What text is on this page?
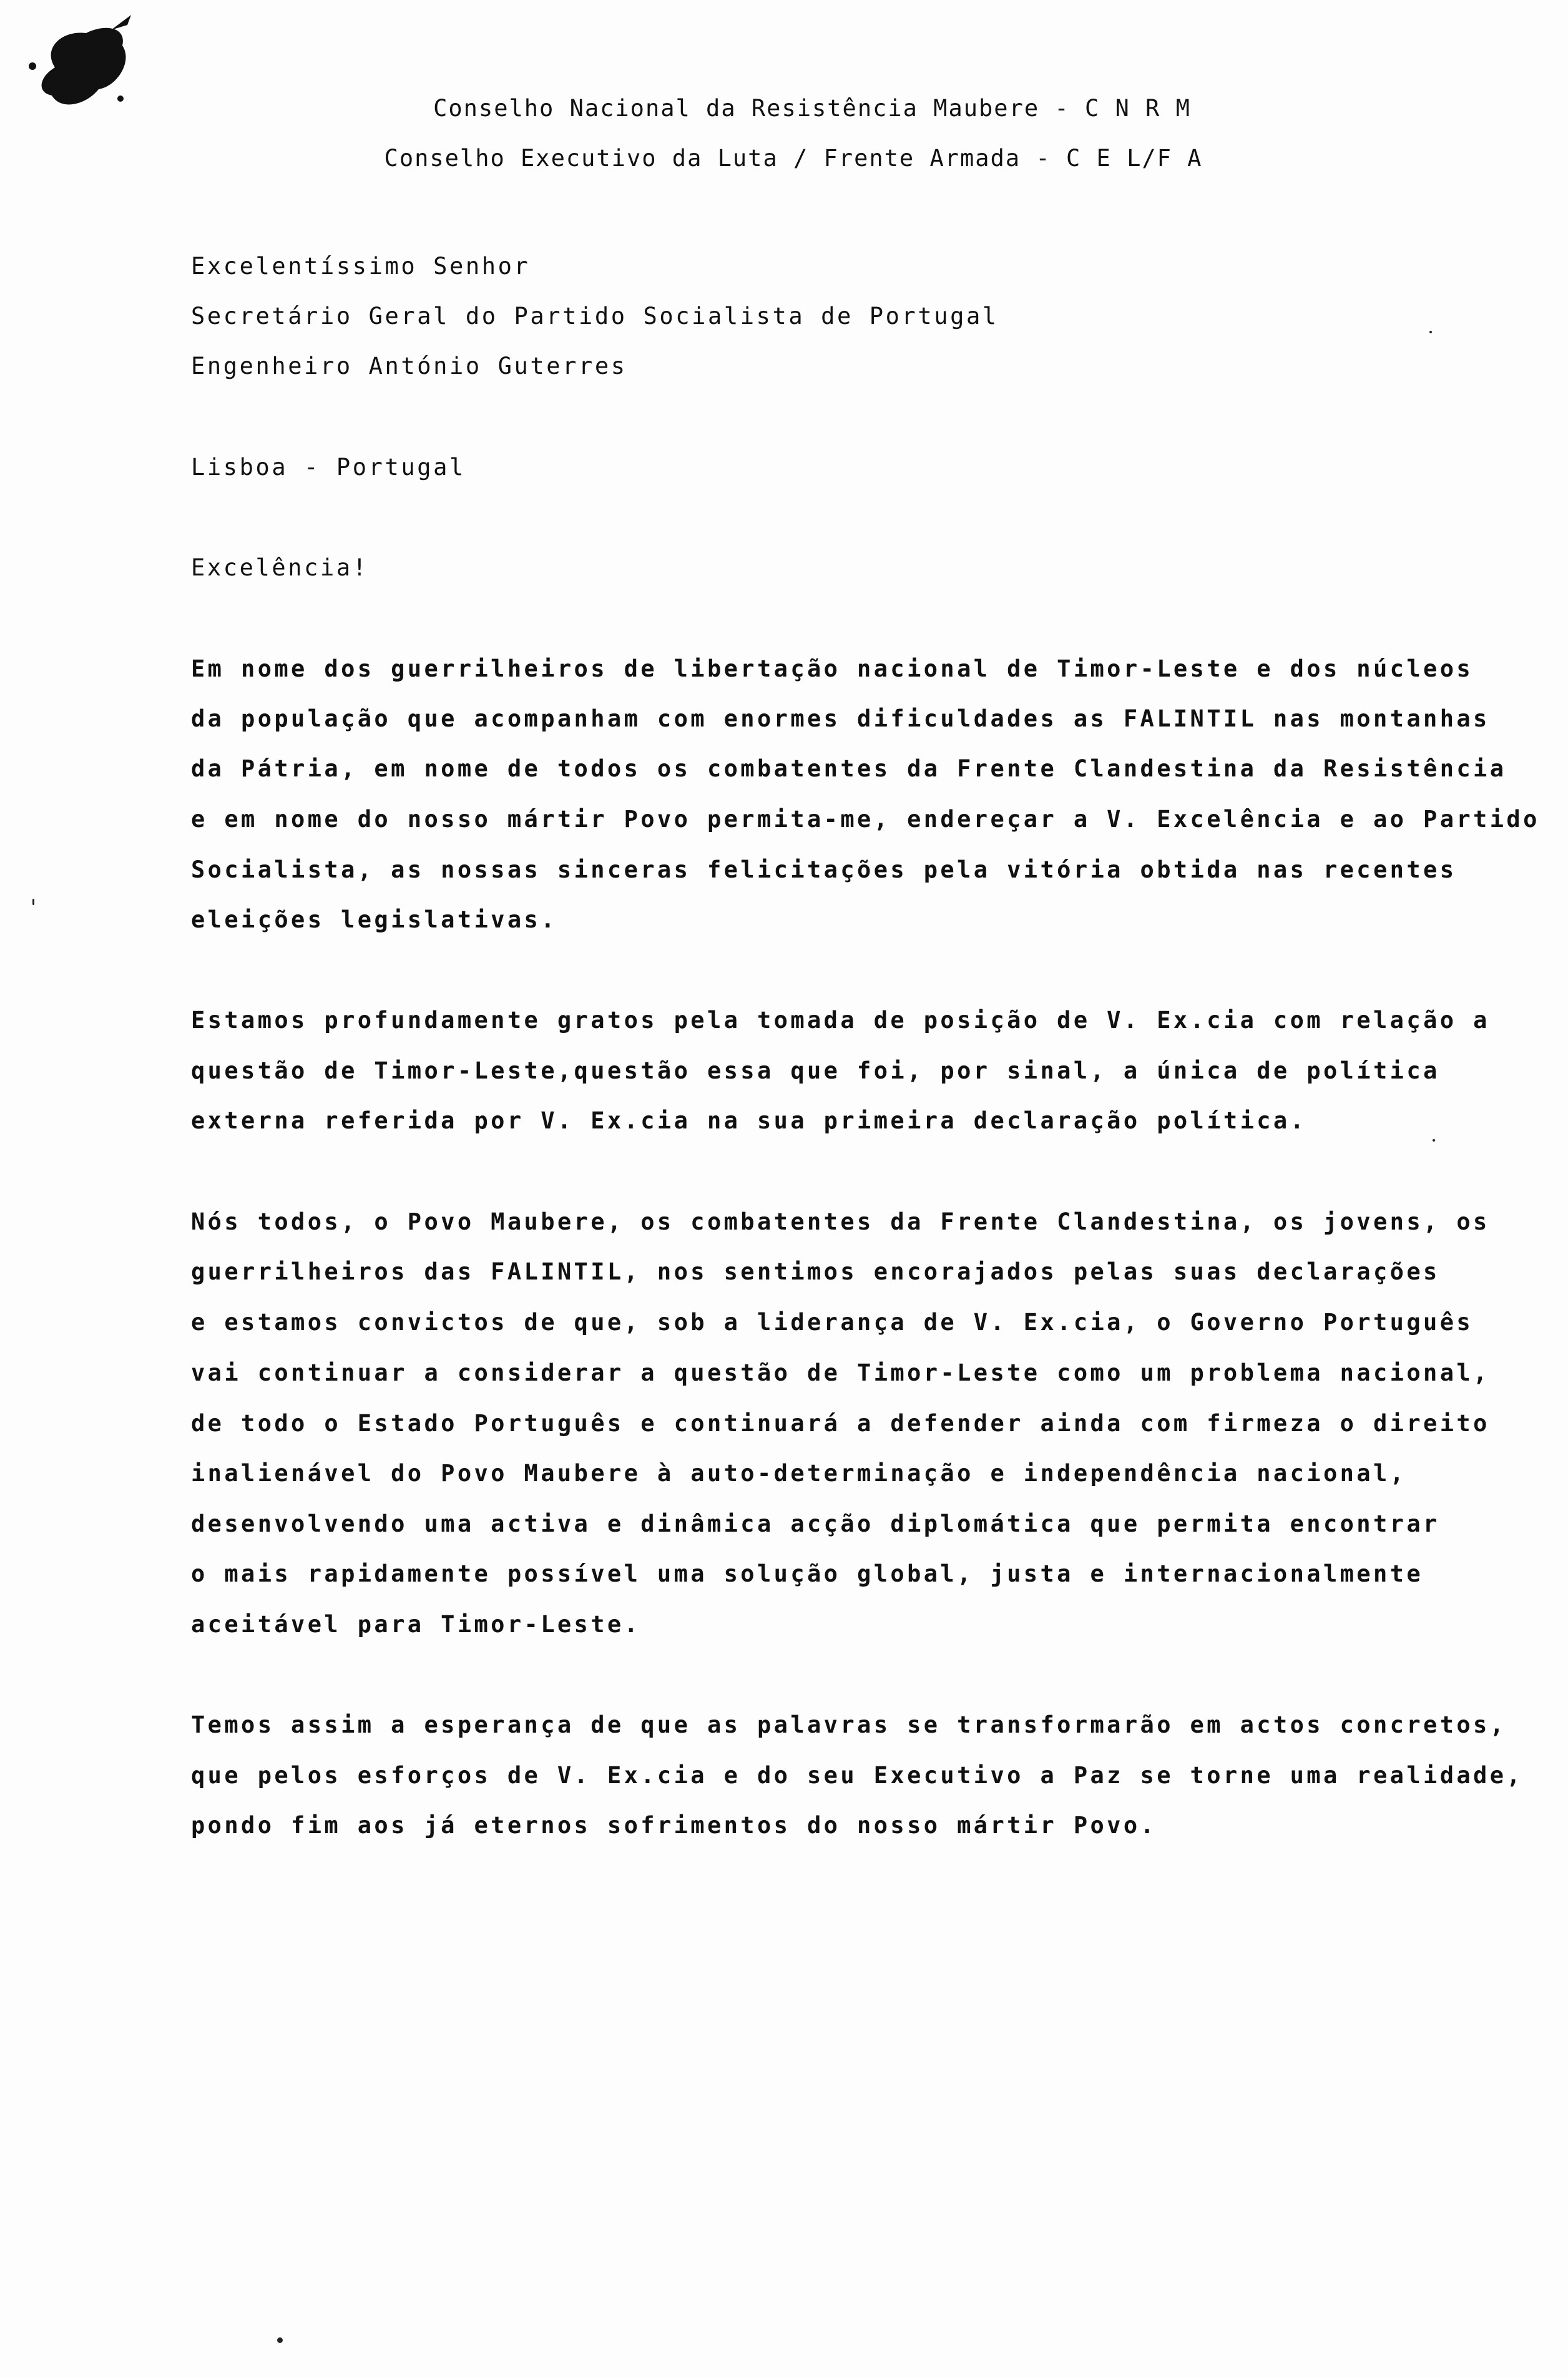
Conselho Nacional da Resistência Maubere - C N R M
Conselho Executivo da Luta / Frente Armada - C E L/F A
Excelentíssimo Senhor
Secretário Geral do Partido Socialista de Portugal
Engenheiro António Guterres
Lisboa - Portugal
Excelência!
Em nome dos guerrilheiros de libertação nacional de Timor-Leste e dos núcleos
da população que acompanham com enormes dificuldades as FALINTIL nas montanhas
da Pátria, em nome de todos os combatentes da Frente Clandestina da Resistência
e em nome do nosso mártir Povo permita-me, endereçar a V. Excelência e ao Partido
Socialista, as nossas sinceras felicitações pela vitória obtida nas recentes
eleições legislativas.
Estamos profundamente gratos pela tomada de posição de V. Ex.cia com relação a
questão de Timor-Leste,questão essa que foi, por sinal, a única de política
externa referida por V. Ex.cia na sua primeira declaração política.
Nós todos, o Povo Maubere, os combatentes da Frente Clandestina, os jovens, os
guerrilheiros das FALINTIL, nos sentimos encorajados pelas suas declarações
e estamos convictos de que, sob a liderança de V. Ex.cia, o Governo Português
vai continuar a considerar a questão de Timor-Leste como um problema nacional,
de todo o Estado Português e continuará a defender ainda com firmeza o direito
inalienável do Povo Maubere à auto-determinação e independência nacional,
desenvolvendo uma activa e dinâmica acção diplomática que permita encontrar
o mais rapidamente possível uma solução global, justa e internacionalmente
aceitável para Timor-Leste.
Temos assim a esperança de que as palavras se transformarão em actos concretos,
que pelos esforços de V. Ex.cia e do seu Executivo a Paz se torne uma realidade,
pondo fim aos já eternos sofrimentos do nosso mártir Povo.
